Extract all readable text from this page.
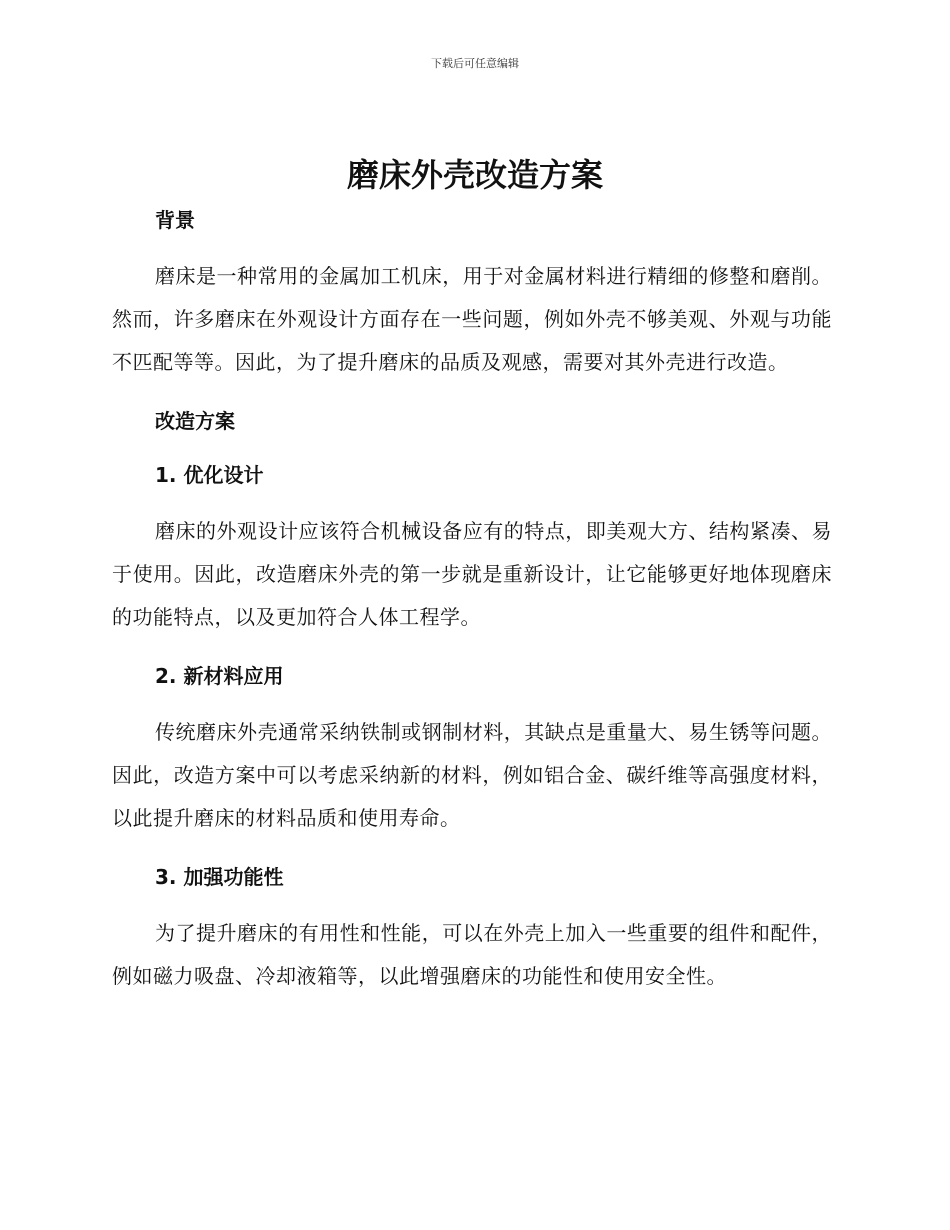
下载后可任意编辑
磨床外壳改造方案

背景

磨床是一种常用的金属加工机床，用于对金属材料进行精细的修整和磨削。然而，许多磨床在外观设计方面存在一些问题，例如外壳不够美观、外观与功能不匹配等等。因此，为了提升磨床的品质及观感，需要对其外壳进行改造。

改造方案

1. 优化设计

磨床的外观设计应该符合机械设备应有的特点，即美观大方、结构紧凑、易于使用。因此，改造磨床外壳的第一步就是重新设计，让它能够更好地体现磨床的功能特点，以及更加符合人体工程学。

2. 新材料应用

传统磨床外壳通常采纳铁制或钢制材料，其缺点是重量大、易生锈等问题。因此，改造方案中可以考虑采纳新的材料，例如铝合金、碳纤维等高强度材料，以此提升磨床的材料品质和使用寿命。

3. 加强功能性

为了提升磨床的有用性和性能，可以在外壳上加入一些重要的组件和配件，例如磁力吸盘、冷却液箱等，以此增强磨床的功能性和使用安全性。
